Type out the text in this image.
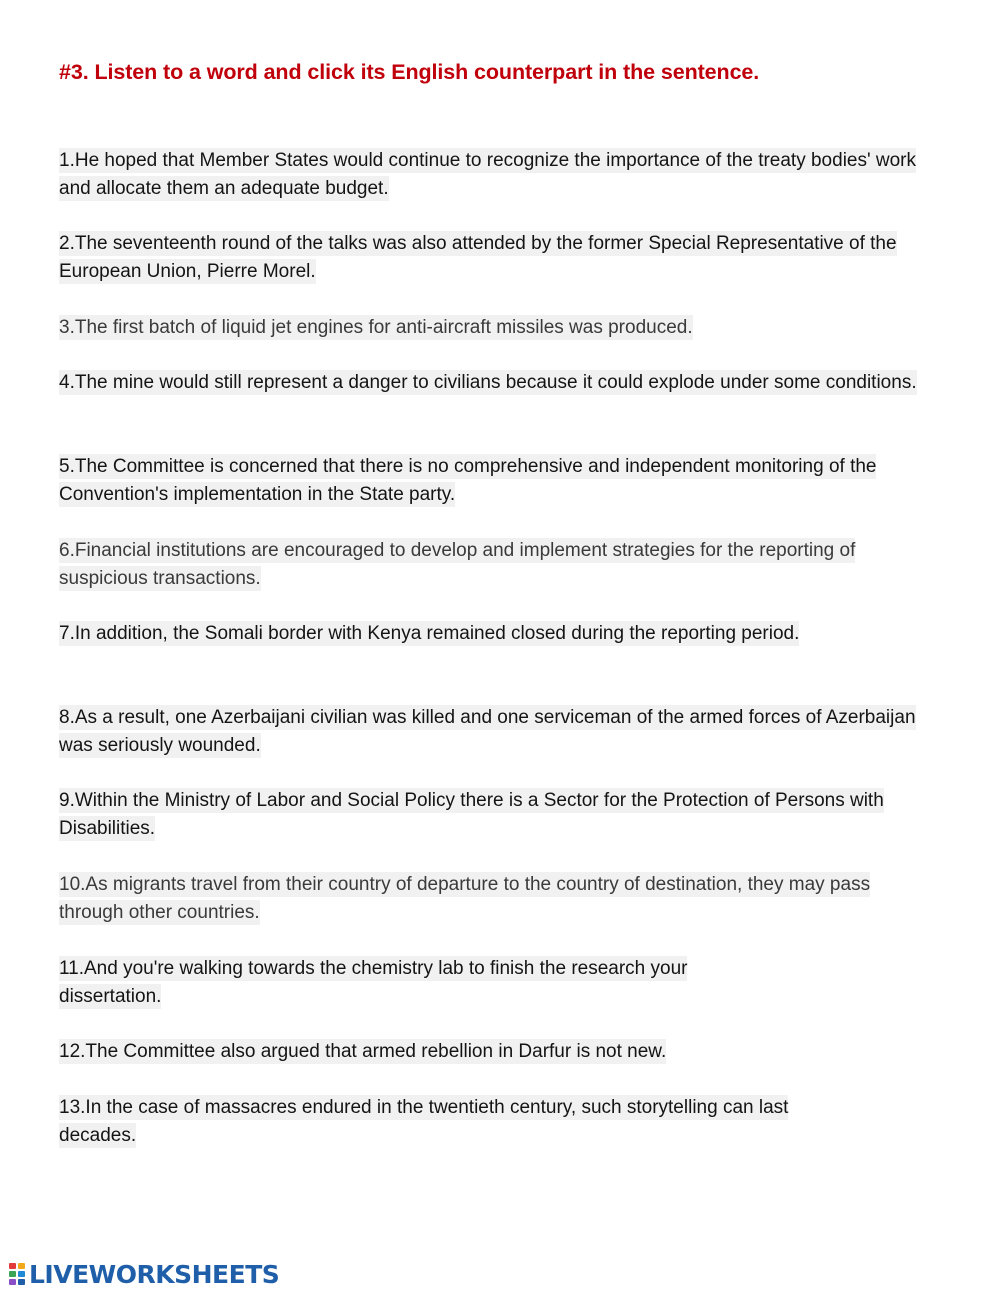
#3. Listen to a word and click its English counterpart in the sentence.

1.He hoped that Member States would continue to recognize the importance of the treaty bodies' work and allocate them an adequate budget.

2.The seventeenth round of the talks was also attended by the former Special Representative of the European Union, Pierre Morel.

3.The first batch of liquid jet engines for anti-aircraft missiles was produced.

4.The mine would still represent a danger to civilians because it could explode under some conditions.

5.The Committee is concerned that there is no comprehensive and independent monitoring of the Convention's implementation in the State party.

6.Financial institutions are encouraged to develop and implement strategies for the reporting of suspicious transactions.

7.In addition, the Somali border with Kenya remained closed during the reporting period.

8.As a result, one Azerbaijani civilian was killed and one serviceman of the armed forces of Azerbaijan was seriously wounded.

9.Within the Ministry of Labor and Social Policy there is a Sector for the Protection of Persons with Disabilities.

10.As migrants travel from their country of departure to the country of destination, they may pass through other countries.

11.And you're walking towards the chemistry lab to finish the research your dissertation.

12.The Committee also argued that armed rebellion in Darfur is not new.

13.In the case of massacres endured in the twentieth century, such storytelling can last decades.

LIVEWORKSHEETS
